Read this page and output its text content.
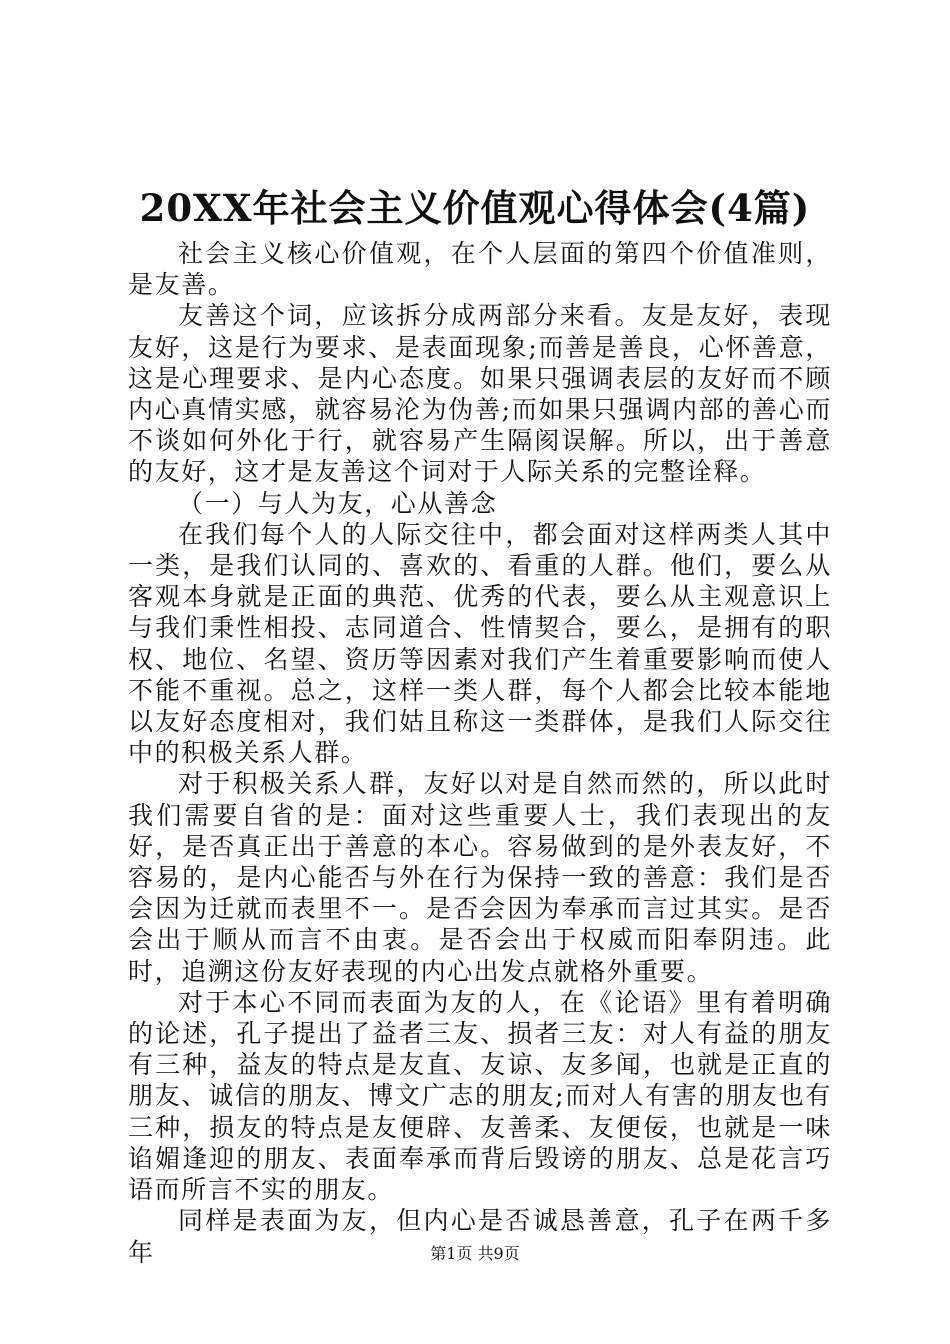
20XX年社会主义价值观心得体会(4篇)

社会主义核心价值观，在个人层面的第四个价值准则，是友善。

友善这个词，应该拆分成两部分来看。友是友好，表现友好，这是行为要求、是表面现象;而善是善良，心怀善意，这是心理要求、是内心态度。如果只强调表层的友好而不顾内心真情实感，就容易沦为伪善;而如果只强调内部的善心而不谈如何外化于行，就容易产生隔阂误解。所以，出于善意的友好，这才是友善这个词对于人际关系的完整诠释。

（一）与人为友，心从善念

在我们每个人的人际交往中，都会面对这样两类人其中一类，是我们认同的、喜欢的、看重的人群。他们，要么从客观本身就是正面的典范、优秀的代表，要么从主观意识上与我们秉性相投、志同道合、性情契合，要么，是拥有的职权、地位、名望、资历等因素对我们产生着重要影响而使人不能不重视。总之，这样一类人群，每个人都会比较本能地以友好态度相对，我们姑且称这一类群体，是我们人际交往中的积极关系人群。

对于积极关系人群，友好以对是自然而然的，所以此时我们需要自省的是：面对这些重要人士，我们表现出的友好，是否真正出于善意的本心。容易做到的是外表友好，不容易的，是内心能否与外在行为保持一致的善意：我们是否会因为迁就而表里不一。是否会因为奉承而言过其实。是否会出于顺从而言不由衷。是否会出于权威而阳奉阴违。此时，追溯这份友好表现的内心出发点就格外重要。

对于本心不同而表面为友的人，在《论语》里有着明确的论述，孔子提出了益者三友、损者三友：对人有益的朋友有三种，益友的特点是友直、友谅、友多闻，也就是正直的朋友、诚信的朋友、博文广志的朋友;而对人有害的朋友也有三种，损友的特点是友便辟、友善柔、友便佞，也就是一味谄媚逢迎的朋友、表面奉承而背后毁谤的朋友、总是花言巧语而所言不实的朋友。

同样是表面为友，但内心是否诚恳善意，孔子在两千多年	第1页 共9页
